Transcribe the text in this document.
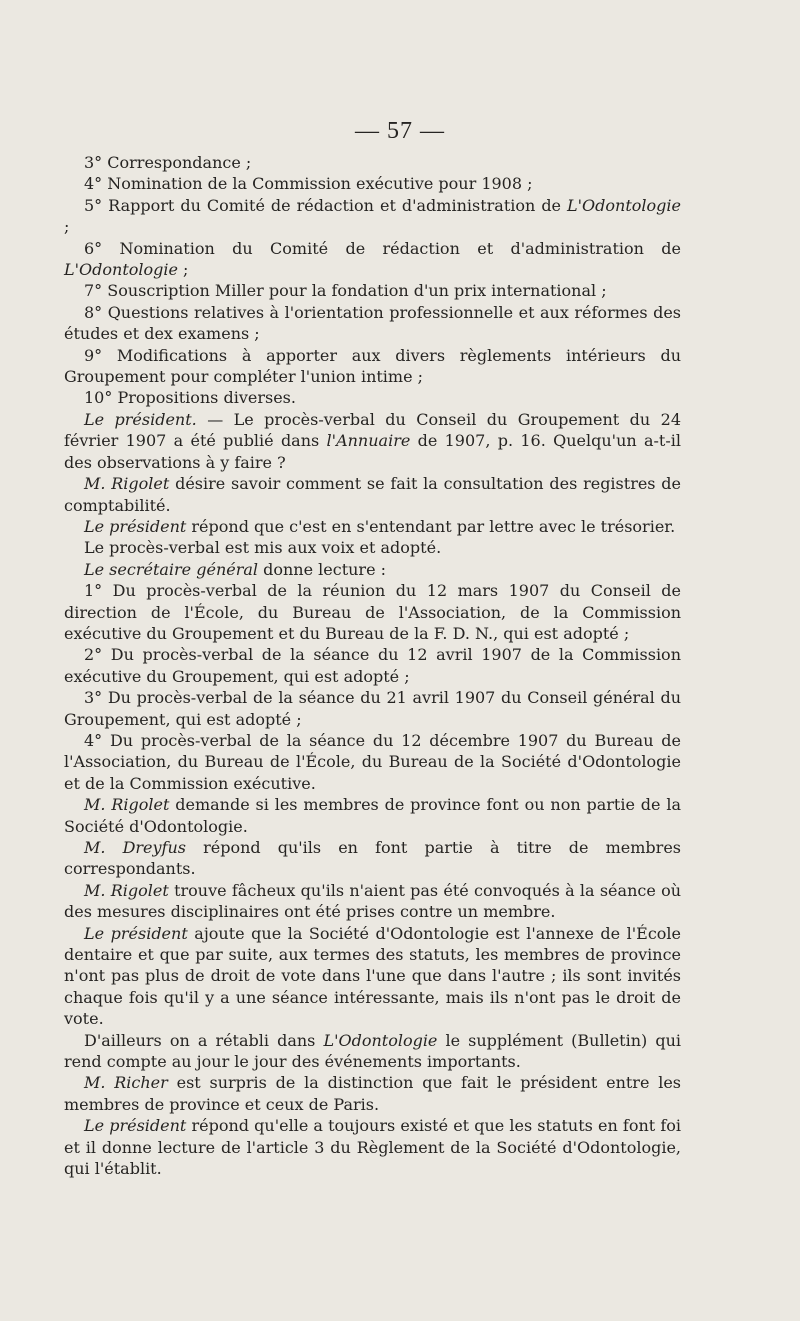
— 57 —

3° Correspondance ;

4° Nomination de la Commission exécutive pour 1908 ;

5° Rapport du Comité de rédaction et d'administration de L'Odontologie ;

6° Nomination du Comité de rédaction et d'administration de L'Odontologie ;

7° Souscription Miller pour la fondation d'un prix international ;

8° Questions relatives à l'orientation professionnelle et aux réformes des études et dex examens ;

9° Modifications à apporter aux divers règlements intérieurs du Groupement pour compléter l'union intime ;

10° Propositions diverses.

Le président. — Le procès-verbal du Conseil du Groupement du 24 février 1907 a été publié dans l'Annuaire de 1907, p. 16. Quelqu'un a-t-il des observations à y faire ?

M. Rigolet désire savoir comment se fait la consultation des registres de comptabilité.

Le président répond que c'est en s'entendant par lettre avec le trésorier.

Le procès-verbal est mis aux voix et adopté.

Le secrétaire général donne lecture :

1° Du procès-verbal de la réunion du 12 mars 1907 du Conseil de direction de l'École, du Bureau de l'Association, de la Commission exécutive du Groupement et du Bureau de la F. D. N., qui est adopté ;

2° Du procès-verbal de la séance du 12 avril 1907 de la Commission exécutive du Groupement, qui est adopté ;

3° Du procès-verbal de la séance du 21 avril 1907 du Conseil général du Groupement, qui est adopté ;

4° Du procès-verbal de la séance du 12 décembre 1907 du Bureau de l'Association, du Bureau de l'École, du Bureau de la Société d'Odontologie et de la Commission exécutive.

M. Rigolet demande si les membres de province font ou non partie de la Société d'Odontologie.

M. Dreyfus répond qu'ils en font partie à titre de membres correspondants.

M. Rigolet trouve fâcheux qu'ils n'aient pas été convoqués à la séance où des mesures disciplinaires ont été prises contre un membre.

Le président ajoute que la Société d'Odontologie est l'annexe de l'École dentaire et que par suite, aux termes des statuts, les membres de province n'ont pas plus de droit de vote dans l'une que dans l'autre ; ils sont invités chaque fois qu'il y a une séance intéressante, mais ils n'ont pas le droit de vote.

D'ailleurs on a rétabli dans L'Odontologie le supplément (Bulletin) qui rend compte au jour le jour des événements importants.

M. Richer est surpris de la distinction que fait le président entre les membres de province et ceux de Paris.

Le président répond qu'elle a toujours existé et que les statuts en font foi et il donne lecture de l'article 3 du Règlement de la Société d'Odontologie, qui l'établit.
